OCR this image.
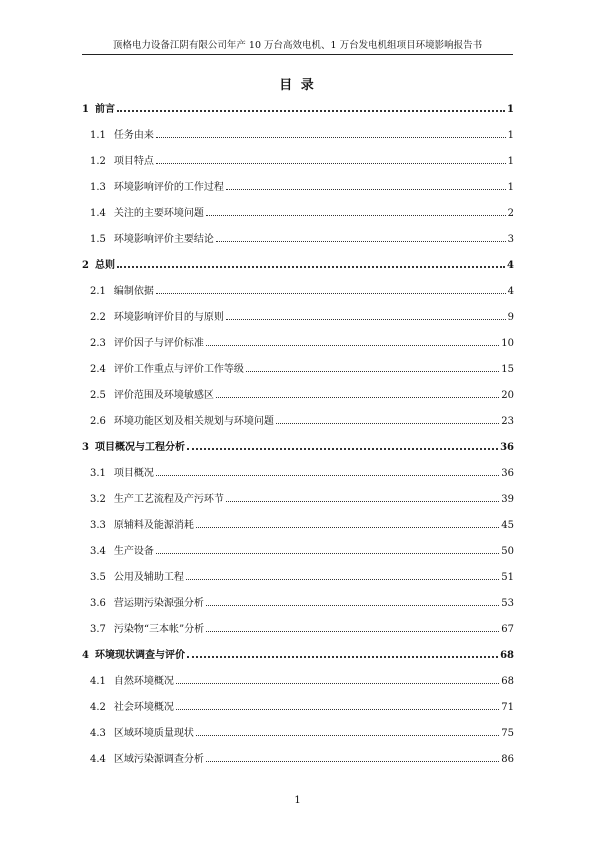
顶格电力设备江阴有限公司年产 10 万台高效电机、1 万台发电机组项目环境影响报告书
目 录
1 前言	1
1.1 任务由来	1
1.2 项目特点	1
1.3 环境影响评价的工作过程	1
1.4 关注的主要环境问题	2
1.5 环境影响评价主要结论	3
2 总则	4
2.1 编制依据	4
2.2 环境影响评价目的与原则	9
2.3 评价因子与评价标准	10
2.4 评价工作重点与评价工作等级	15
2.5 评价范围及环境敏感区	20
2.6 环境功能区划及相关规划与环境问题	23
3 项目概况与工程分析	36
3.1 项目概况	36
3.2 生产工艺流程及产污环节	39
3.3 原辅料及能源消耗	45
3.4 生产设备	50
3.5 公用及辅助工程	51
3.6 营运期污染源强分析	53
3.7 污染物“三本帐”分析	67
4 环境现状调查与评价	68
4.1 自然环境概况	68
4.2 社会环境概况	71
4.3 区域环境质量现状	75
4.4 区域污染源调查分析	86
1
